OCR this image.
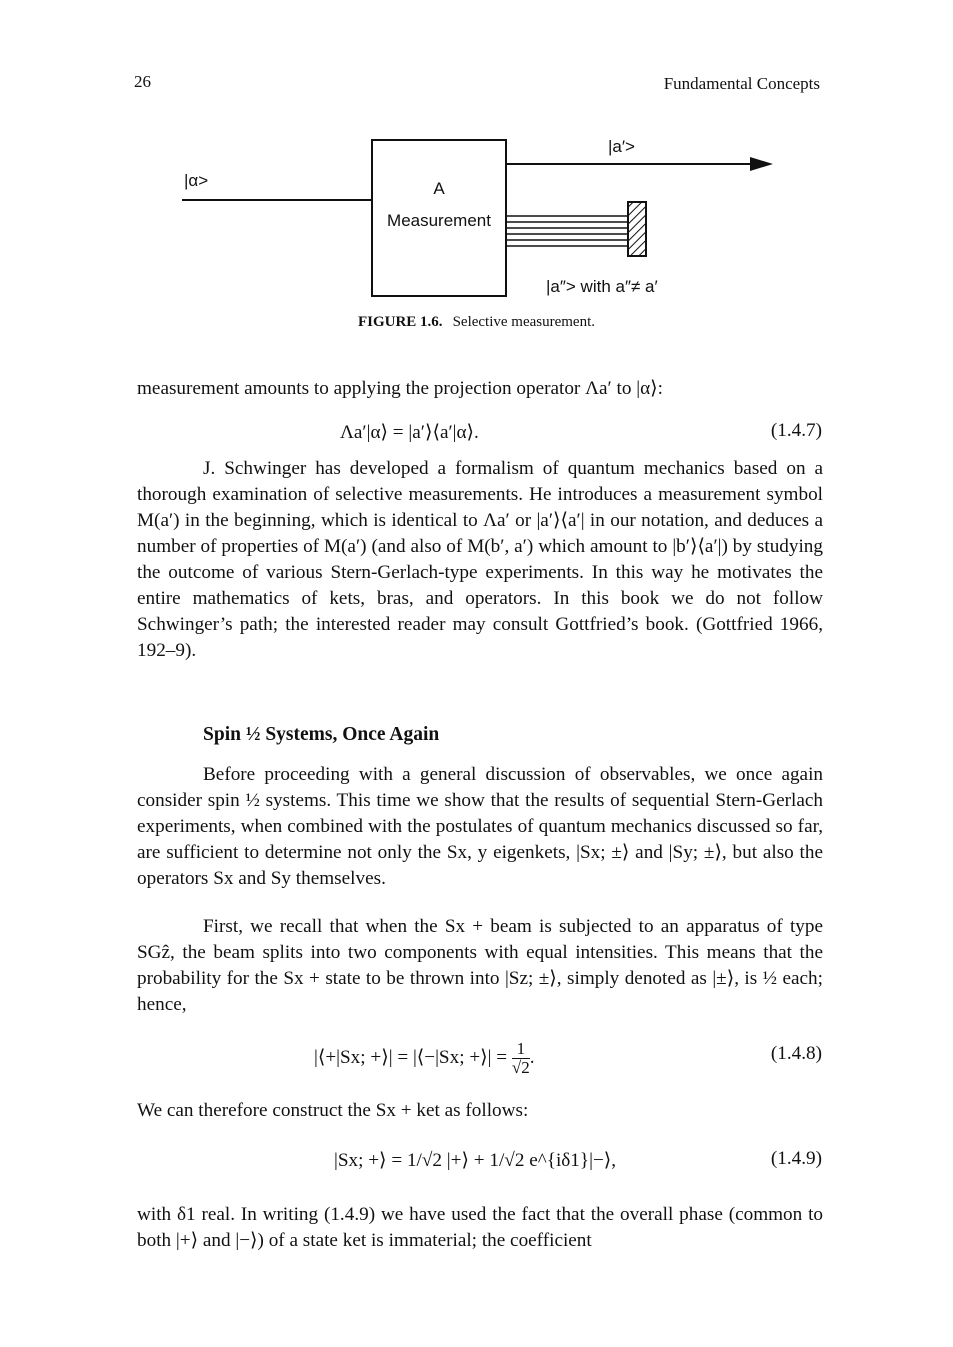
26	Fundamental Concepts
|α>	A
Measurement
|a′>
|a″> with a″≠ a′
FIGURE 1.6. Selective measurement.

measurement amounts to applying the projection operator Λa′ to |α⟩:

Λa′|α⟩ = |a′⟩⟨a′|α⟩.	(1.4.7)

J. Schwinger has developed a formalism of quantum mechanics based on a thorough examination of selective measurements. He introduces a measurement symbol M(a′) in the beginning, which is identical to Λa′ or |a′⟩⟨a′| in our notation, and deduces a number of properties of M(a′) (and also of M(b′, a′) which amount to |b′⟩⟨a′|) by studying the outcome of various Stern-Gerlach-type experiments. In this way he motivates the entire mathematics of kets, bras, and operators. In this book we do not follow Schwinger’s path; the interested reader may consult Gottfried’s book. (Gottfried 1966, 192–9).

Spin ½ Systems, Once Again

Before proceeding with a general discussion of observables, we once again consider spin ½ systems. This time we show that the results of sequential Stern-Gerlach experiments, when combined with the postulates of quantum mechanics discussed so far, are sufficient to determine not only the Sx, y eigenkets, |Sx; ±⟩ and |Sy; ±⟩, but also the operators Sx and Sy themselves.

First, we recall that when the Sx + beam is subjected to an apparatus of type SGẑ, the beam splits into two components with equal intensities. This means that the probability for the Sx + state to be thrown into |Sz; ±⟩, simply denoted as |±⟩, is ½ each; hence,

|⟨+|Sx; +⟩| = |⟨−|Sx; +⟩| = $\frac{1}{√2}$ .	(1.4.8)

We can therefore construct the Sx + ket as follows:

|Sx; +⟩ = 1/√2 |+⟩ + 1/√2 e^{iδ1}|−⟩,	(1.4.9)

with δ1 real. In writing (1.4.9) we have used the fact that the overall phase (common to both |+⟩ and |−⟩) of a state ket is immaterial; the coefficient
